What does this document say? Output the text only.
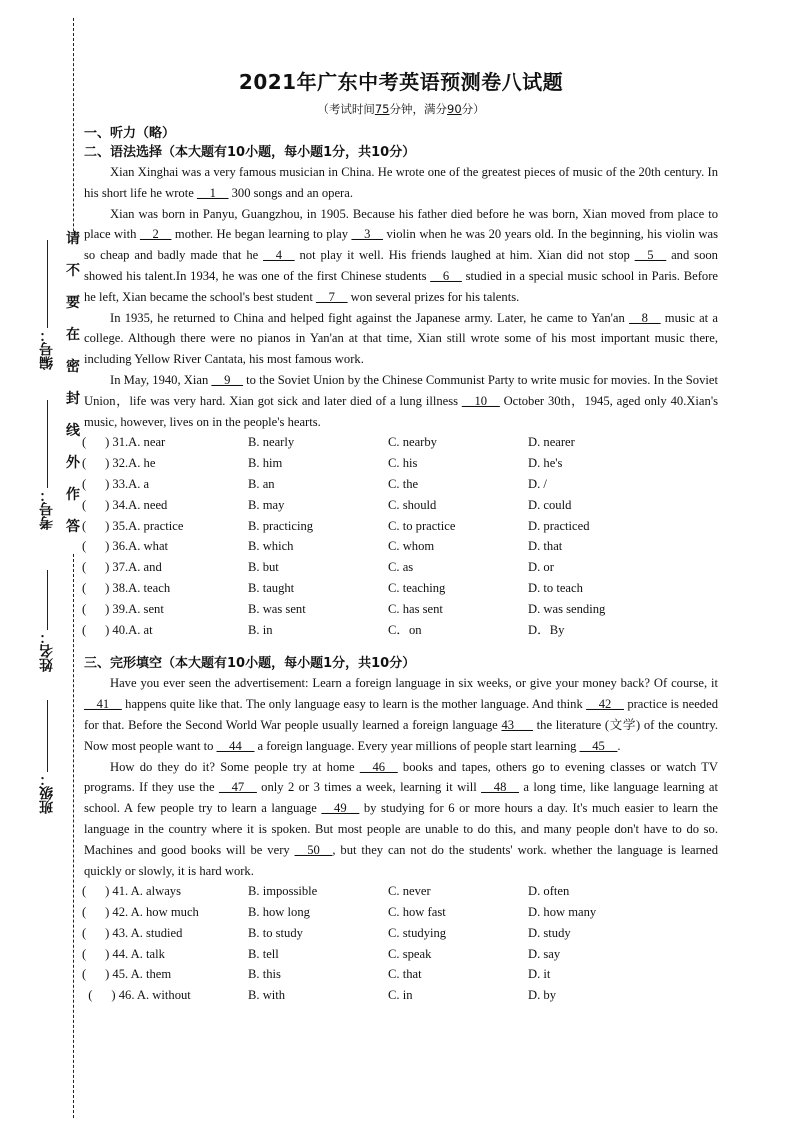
请
不
要
在
密
封
线
外
作
答
编号：
考号：
姓名：
班级：
2021年广东中考英语预测卷八试题
（考试时间75分钟，满分90分）
一、听力（略）
二、语法选择（本大题有10小题，每小题1分，共10分）

Xian Xinghai was a very famous musician in China. He wrote one of the greatest pieces of music of the 20th century. In his short life he wrote __1__ 300 songs and an opera.

Xian was born in Panyu, Guangzhou, in 1905. Because his father died before he was born, Xian moved from place to place with __2__ mother. He began learning to play __3__ violin when he was 20 years old. In the beginning, his violin was so cheap and badly made that he __4__ not play it well. His friends laughed at him. Xian did not stop __5__ and soon showed his talent.In 1934, he was one of the first Chinese students __6__ studied in a special music school in Paris. Before he left, Xian became the school's best student __7__ won several prizes for his talents.

In 1935, he returned to China and helped fight against the Japanese army. Later, he came to Yan'an __8__ music at a college. Although there were no pianos in Yan'an at that time, Xian still wrote some of his most important music there, including Yellow River Cantata, his most famous work.

In May, 1940, Xian __9__ to the Soviet Union by the Chinese Communist Party to write music for movies. In the Soviet Union，life was very hard. Xian got sick and later died of a lung illness __10__ October 30th，1945, aged only 40.Xian's music, however, lives on in the people's hearts.

(      ) 31.A. near	B. nearly	C. nearby	D. nearer
(      ) 32.A. he	B. him	C. his	D. he's
(      ) 33.A. a	B. an	C. the	D. /
(      ) 34.A. need	B. may	C. should	D. could
(      ) 35.A. practice	B. practicing	C. to practice	D. practiced
(      ) 36.A. what	B. which	C. whom	D. that
(      ) 37.A. and	B. but	C. as	D. or
(      ) 38.A. teach	B. taught	C. teaching	D. to teach
(      ) 39.A. sent	B. was sent	C. has sent	D. was sending
(      ) 40.A. at	B. in	C．on	D．By
三、完形填空（本大题有10小题，每小题1分，共10分）

Have you ever seen the advertisement: Learn a foreign language in six weeks, or give your money back? Of course, it __41__ happens quite like that. The only language easy to learn is the mother language. And think __42__ practice is needed for that. Before the Second World War people usually learned a foreign language 43___ the literature (文学) of the country. Now most people want to __44__ a foreign language. Every year millions of people start learning __45__.

How do they do it? Some people try at home __46__ books and tapes, others go to evening classes or watch TV programs. If they use the __47__ only 2 or 3 times a week, learning it will __48__ a long time, like language learning at school. A few people try to learn a language __49__ by studying for 6 or more hours a day. It's much easier to learn the language in the country where it is spoken. But most people are unable to do this, and many people don't have to do so. Machines and good books will be very __50__, but they can not do the students' work. whether the language is learned quickly or slowly, it is hard work.

(      ) 41. A. always	B. impossible	C. never	D. often
(      ) 42. A. how much	B. how long	C. how fast	D. how many
(      ) 43. A. studied	B. to study	C. studying	D. study
(      ) 44. A. talk	B. tell	C. speak	D. say
(      ) 45. A. them	B. this	C. that	D. it
(      ) 46. A. without	B. with	C. in	D. by
